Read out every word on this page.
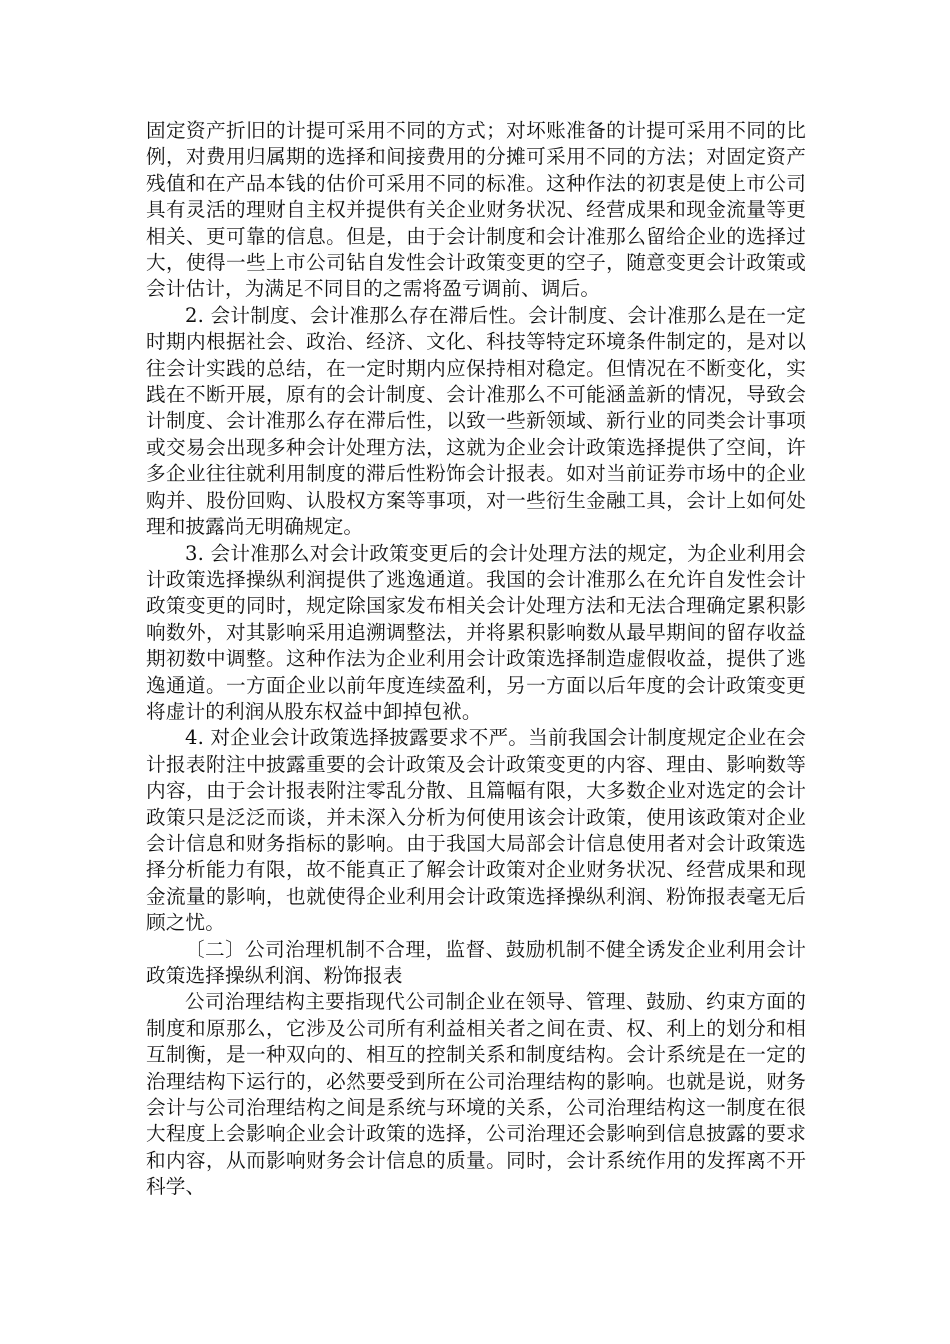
固定资产折旧的计提可采用不同的方式；对坏账准备的计提可采用不同的比例，对费用归属期的选择和间接费用的分摊可采用不同的方法；对固定资产残值和在产品本钱的估价可采用不同的标准。这种作法的初衷是使上市公司具有灵活的理财自主权并提供有关企业财务状况、经营成果和现金流量等更相关、更可靠的信息。但是，由于会计制度和会计准那么留给企业的选择过大，使得一些上市公司钻自发性会计政策变更的空子，随意变更会计政策或会计估计，为满足不同目的之需将盈亏调前、调后。

2. 会计制度、会计准那么存在滞后性。会计制度、会计准那么是在一定时期内根据社会、政治、经济、文化、科技等特定环境条件制定的，是对以往会计实践的总结，在一定时期内应保持相对稳定。但情况在不断变化，实践在不断开展，原有的会计制度、会计准那么不可能涵盖新的情况，导致会计制度、会计准那么存在滞后性，以致一些新领域、新行业的同类会计事项或交易会出现多种会计处理方法，这就为企业会计政策选择提供了空间，许多企业往往就利用制度的滞后性粉饰会计报表。如对当前证券市场中的企业购并、股份回购、认股权方案等事项，对一些衍生金融工具，会计上如何处理和披露尚无明确规定。

3. 会计准那么对会计政策变更后的会计处理方法的规定，为企业利用会计政策选择操纵利润提供了逃逸通道。我国的会计准那么在允许自发性会计政策变更的同时，规定除国家发布相关会计处理方法和无法合理确定累积影响数外，对其影响采用追溯调整法，并将累积影响数从最早期间的留存收益期初数中调整。这种作法为企业利用会计政策选择制造虚假收益，提供了逃逸通道。一方面企业以前年度连续盈利，另一方面以后年度的会计政策变更将虚计的利润从股东权益中卸掉包袱。

4. 对企业会计政策选择披露要求不严。当前我国会计制度规定企业在会计报表附注中披露重要的会计政策及会计政策变更的内容、理由、影响数等内容，由于会计报表附注零乱分散、且篇幅有限，大多数企业对选定的会计政策只是泛泛而谈，并未深入分析为何使用该会计政策，使用该政策对企业会计信息和财务指标的影响。由于我国大局部会计信息使用者对会计政策选择分析能力有限，故不能真正了解会计政策对企业财务状况、经营成果和现金流量的影响，也就使得企业利用会计政策选择操纵利润、粉饰报表毫无后顾之忧。

〔二〕公司治理机制不合理，监督、鼓励机制不健全诱发企业利用会计政策选择操纵利润、粉饰报表

公司治理结构主要指现代公司制企业在领导、管理、鼓励、约束方面的制度和原那么，它涉及公司所有利益相关者之间在责、权、利上的划分和相互制衡，是一种双向的、相互的控制关系和制度结构。会计系统是在一定的治理结构下运行的，必然要受到所在公司治理结构的影响。也就是说，财务会计与公司治理结构之间是系统与环境的关系，公司治理结构这一制度在很大程度上会影响企业会计政策的选择，公司治理还会影响到信息披露的要求和内容，从而影响财务会计信息的质量。同时，会计系统作用的发挥离不开科学、
